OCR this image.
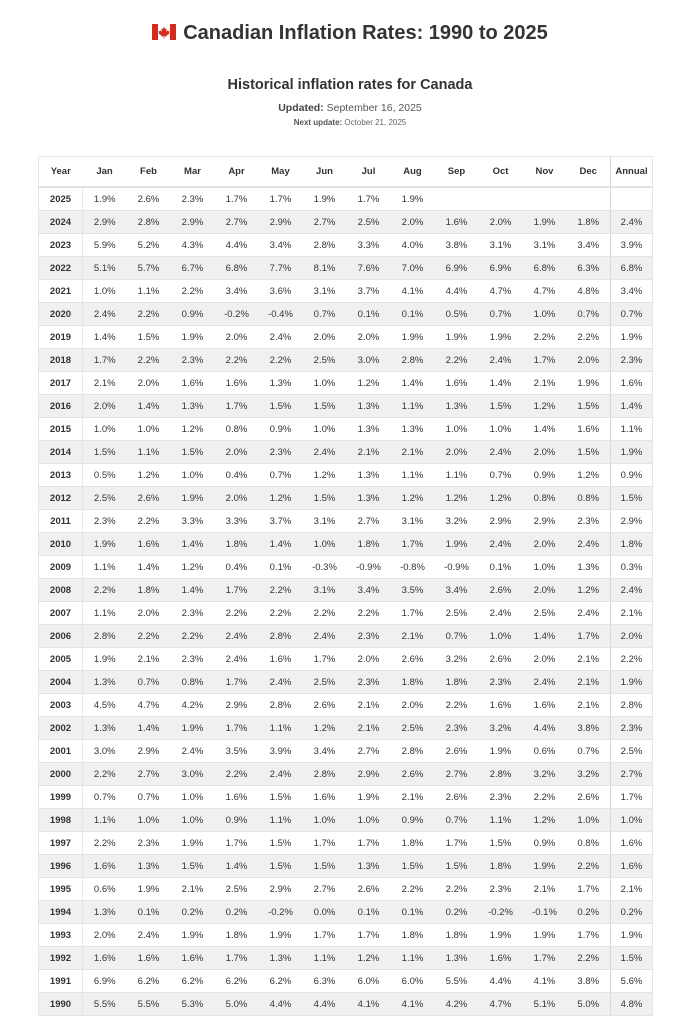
Canadian Inflation Rates: 1990 to 2025
Historical inflation rates for Canada
Updated: September 16, 2025
Next update: October 21, 2025
Year	Jan	Feb	Mar	Apr	May	Jun	Jul	Aug	Sep	Oct	Nov	Dec	Annual
2025	1.9%	2.6%	2.3%	1.7%	1.7%	1.9%	1.7%	1.9%					
2024	2.9%	2.8%	2.9%	2.7%	2.9%	2.7%	2.5%	2.0%	1.6%	2.0%	1.9%	1.8%	2.4%
2023	5.9%	5.2%	4.3%	4.4%	3.4%	2.8%	3.3%	4.0%	3.8%	3.1%	3.1%	3.4%	3.9%
2022	5.1%	5.7%	6.7%	6.8%	7.7%	8.1%	7.6%	7.0%	6.9%	6.9%	6.8%	6.3%	6.8%
2021	1.0%	1.1%	2.2%	3.4%	3.6%	3.1%	3.7%	4.1%	4.4%	4.7%	4.7%	4.8%	3.4%
2020	2.4%	2.2%	0.9%	-0.2%	-0.4%	0.7%	0.1%	0.1%	0.5%	0.7%	1.0%	0.7%	0.7%
2019	1.4%	1.5%	1.9%	2.0%	2.4%	2.0%	2.0%	1.9%	1.9%	1.9%	2.2%	2.2%	1.9%
2018	1.7%	2.2%	2.3%	2.2%	2.2%	2.5%	3.0%	2.8%	2.2%	2.4%	1.7%	2.0%	2.3%
2017	2.1%	2.0%	1.6%	1.6%	1.3%	1.0%	1.2%	1.4%	1.6%	1.4%	2.1%	1.9%	1.6%
2016	2.0%	1.4%	1.3%	1.7%	1.5%	1.5%	1.3%	1.1%	1.3%	1.5%	1.2%	1.5%	1.4%
2015	1.0%	1.0%	1.2%	0.8%	0.9%	1.0%	1.3%	1.3%	1.0%	1.0%	1.4%	1.6%	1.1%
2014	1.5%	1.1%	1.5%	2.0%	2.3%	2.4%	2.1%	2.1%	2.0%	2.4%	2.0%	1.5%	1.9%
2013	0.5%	1.2%	1.0%	0.4%	0.7%	1.2%	1.3%	1.1%	1.1%	0.7%	0.9%	1.2%	0.9%
2012	2.5%	2.6%	1.9%	2.0%	1.2%	1.5%	1.3%	1.2%	1.2%	1.2%	0.8%	0.8%	1.5%
2011	2.3%	2.2%	3.3%	3.3%	3.7%	3.1%	2.7%	3.1%	3.2%	2.9%	2.9%	2.3%	2.9%
2010	1.9%	1.6%	1.4%	1.8%	1.4%	1.0%	1.8%	1.7%	1.9%	2.4%	2.0%	2.4%	1.8%
2009	1.1%	1.4%	1.2%	0.4%	0.1%	-0.3%	-0.9%	-0.8%	-0.9%	0.1%	1.0%	1.3%	0.3%
2008	2.2%	1.8%	1.4%	1.7%	2.2%	3.1%	3.4%	3.5%	3.4%	2.6%	2.0%	1.2%	2.4%
2007	1.1%	2.0%	2.3%	2.2%	2.2%	2.2%	2.2%	1.7%	2.5%	2.4%	2.5%	2.4%	2.1%
2006	2.8%	2.2%	2.2%	2.4%	2.8%	2.4%	2.3%	2.1%	0.7%	1.0%	1.4%	1.7%	2.0%
2005	1.9%	2.1%	2.3%	2.4%	1.6%	1.7%	2.0%	2.6%	3.2%	2.6%	2.0%	2.1%	2.2%
2004	1.3%	0.7%	0.8%	1.7%	2.4%	2.5%	2.3%	1.8%	1.8%	2.3%	2.4%	2.1%	1.9%
2003	4.5%	4.7%	4.2%	2.9%	2.8%	2.6%	2.1%	2.0%	2.2%	1.6%	1.6%	2.1%	2.8%
2002	1.3%	1.4%	1.9%	1.7%	1.1%	1.2%	2.1%	2.5%	2.3%	3.2%	4.4%	3.8%	2.3%
2001	3.0%	2.9%	2.4%	3.5%	3.9%	3.4%	2.7%	2.8%	2.6%	1.9%	0.6%	0.7%	2.5%
2000	2.2%	2.7%	3.0%	2.2%	2.4%	2.8%	2.9%	2.6%	2.7%	2.8%	3.2%	3.2%	2.7%
1999	0.7%	0.7%	1.0%	1.6%	1.5%	1.6%	1.9%	2.1%	2.6%	2.3%	2.2%	2.6%	1.7%
1998	1.1%	1.0%	1.0%	0.9%	1.1%	1.0%	1.0%	0.9%	0.7%	1.1%	1.2%	1.0%	1.0%
1997	2.2%	2.3%	1.9%	1.7%	1.5%	1.7%	1.7%	1.8%	1.7%	1.5%	0.9%	0.8%	1.6%
1996	1.6%	1.3%	1.5%	1.4%	1.5%	1.5%	1.3%	1.5%	1.5%	1.8%	1.9%	2.2%	1.6%
1995	0.6%	1.9%	2.1%	2.5%	2.9%	2.7%	2.6%	2.2%	2.2%	2.3%	2.1%	1.7%	2.1%
1994	1.3%	0.1%	0.2%	0.2%	-0.2%	0.0%	0.1%	0.1%	0.2%	-0.2%	-0.1%	0.2%	0.2%
1993	2.0%	2.4%	1.9%	1.8%	1.9%	1.7%	1.7%	1.8%	1.8%	1.9%	1.9%	1.7%	1.9%
1992	1.6%	1.6%	1.6%	1.7%	1.3%	1.1%	1.2%	1.1%	1.3%	1.6%	1.7%	2.2%	1.5%
1991	6.9%	6.2%	6.2%	6.2%	6.2%	6.3%	6.0%	6.0%	5.5%	4.4%	4.1%	3.8%	5.6%
1990	5.5%	5.5%	5.3%	5.0%	4.4%	4.4%	4.1%	4.1%	4.2%	4.7%	5.1%	5.0%	4.8%
